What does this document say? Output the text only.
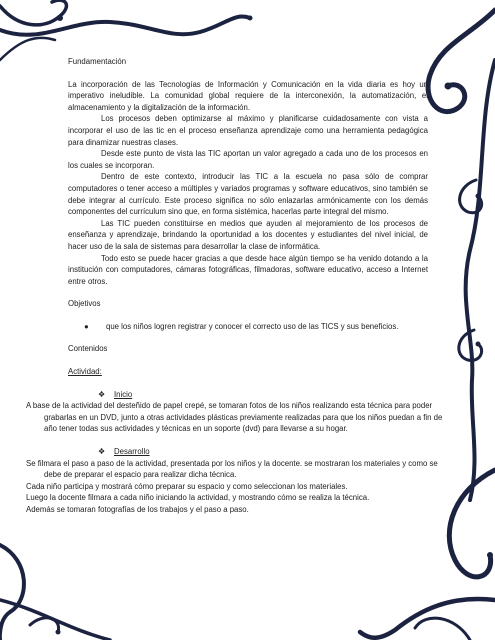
Fundamentación

La incorporación de las Tecnologías de Información y Comunicación en la vida diaria es hoy un imperativo ineludible. La comunidad global requiere de la interconexión, la automatización, el almacenamiento y la digitalización de la información.

Los procesos deben optimizarse al máximo y planificarse cuidadosamente con vista a incorporar el uso de las tic en el proceso enseñanza aprendizaje como una herramienta pedagógica para dinamizar nuestras clases.

Desde este punto de vista las TIC aportan un valor agregado a cada uno de los procesos en los cuales se incorporan.

Dentro de este contexto, introducir las TIC a la escuela no pasa sólo de comprar computadores o tener acceso a múltiples y variados programas y software educativos, sino también se debe integrar al currículo. Este proceso significa no sólo enlazarlas armónicamente con los demás componentes del currículum sino que, en forma sistémica, hacerlas parte integral del mismo.

Las TIC pueden constituirse en medios que ayuden al mejoramiento de los procesos de enseñanza y aprendizaje, brindando la oportunidad a los docentes y estudiantes del nivel inicial, de hacer uso de la sala de sistemas para desarrollar la clase de informática.

Todo esto se puede hacer gracias a que desde hace algún tiempo se ha venido dotando a la institución con computadores, cámaras fotográficas, filmadoras, software educativo, acceso a Internet entre otros.

Objetivos
●	que los niños logren registrar y conocer el correcto uso de las TICS y sus beneficios.
Contenidos
Actividad:
❖	Inicio

A base de la actividad del desteñido de papel crepé, se tomaran fotos de los niños realizando esta técnica para poder grabarlas en un DVD, junto a otras actividades plásticas previamente realizadas para que los niños puedan a fin de año tener todas sus actividades y técnicas en un soporte (dvd) para llevarse a su hogar.

❖	Desarrollo

Se filmara el paso a paso de la actividad, presentada por los niños y la docente. se mostraran los materiales y como se debe de preparar el espacio para realizar dicha técnica.

Cada niño participa y mostrará cómo preparar su espacio y como seleccionan los materiales.

Luego la docente filmara a cada niño iniciando la actividad, y mostrando cómo se realiza la técnica.

Además se tomaran fotografías de los trabajos y el paso a paso.
